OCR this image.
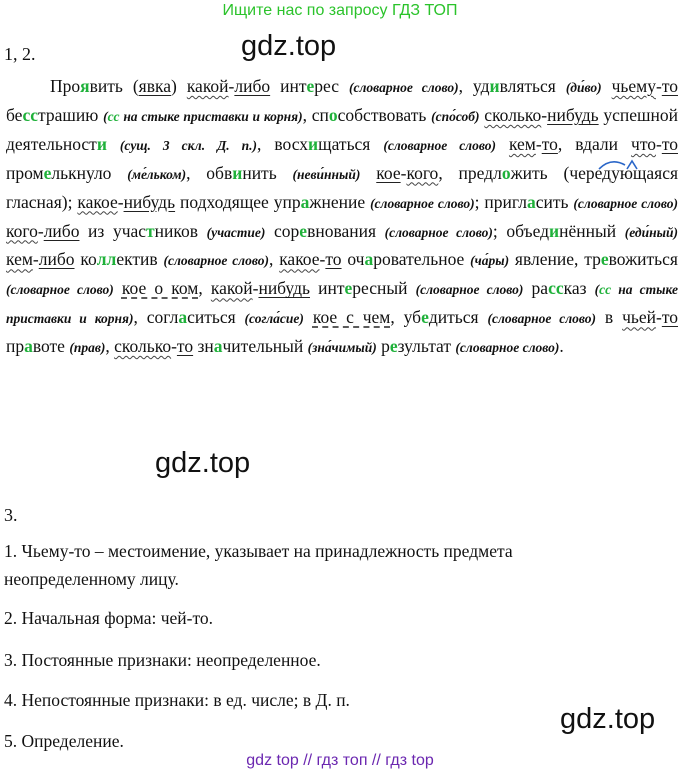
Ищите нас по запросу ГДЗ ТОП
gdz.top
gdz.top
gdz.top
1, 2.
Проявить (явка) какой-либо интерес (словарное слово), удивляться (ди́во) чьему-то бесстрашию (сс на стыке приставки и корня), способствовать (спо́соб) сколько-нибудь успешной деятельности (сущ. 3 скл. Д. п.), восхищаться (словарное слово) кем-то, вдали что-то промелькнуло (ме́льком), обвинить (неви́нный) кое-кого, предложить (чередующаяся гласная); какое-нибудь подходящее упражнение (словарное слово); пригласить (словарное слово) кого-либо из участников (участие) соревнования (словарное слово); объединённый (еди́ный) кем-либо коллектив (словарное слово), какое-то очаровательное (ча́ры) явление, тревожиться (словарное слово) кое о ком, какой-нибудь интересный (словарное слово) рассказ (сс на стыке приставки и корня), согласиться (согла́сие) кое с чем, убедиться (словарное слово) в чьей-то правоте (прав), сколько-то значительный (зна́чимый) результат (словарное слово).
3.
1. Чьему-то – местоимение, указывает на принадлежность предмета
неопределенному лицу.
2. Начальная форма: чей-то.
3. Постоянные признаки: неопределенное.
4. Непостоянные признаки: в ед. числе; в Д. п.
5. Определение.
gdz top // гдз топ // гдз top
